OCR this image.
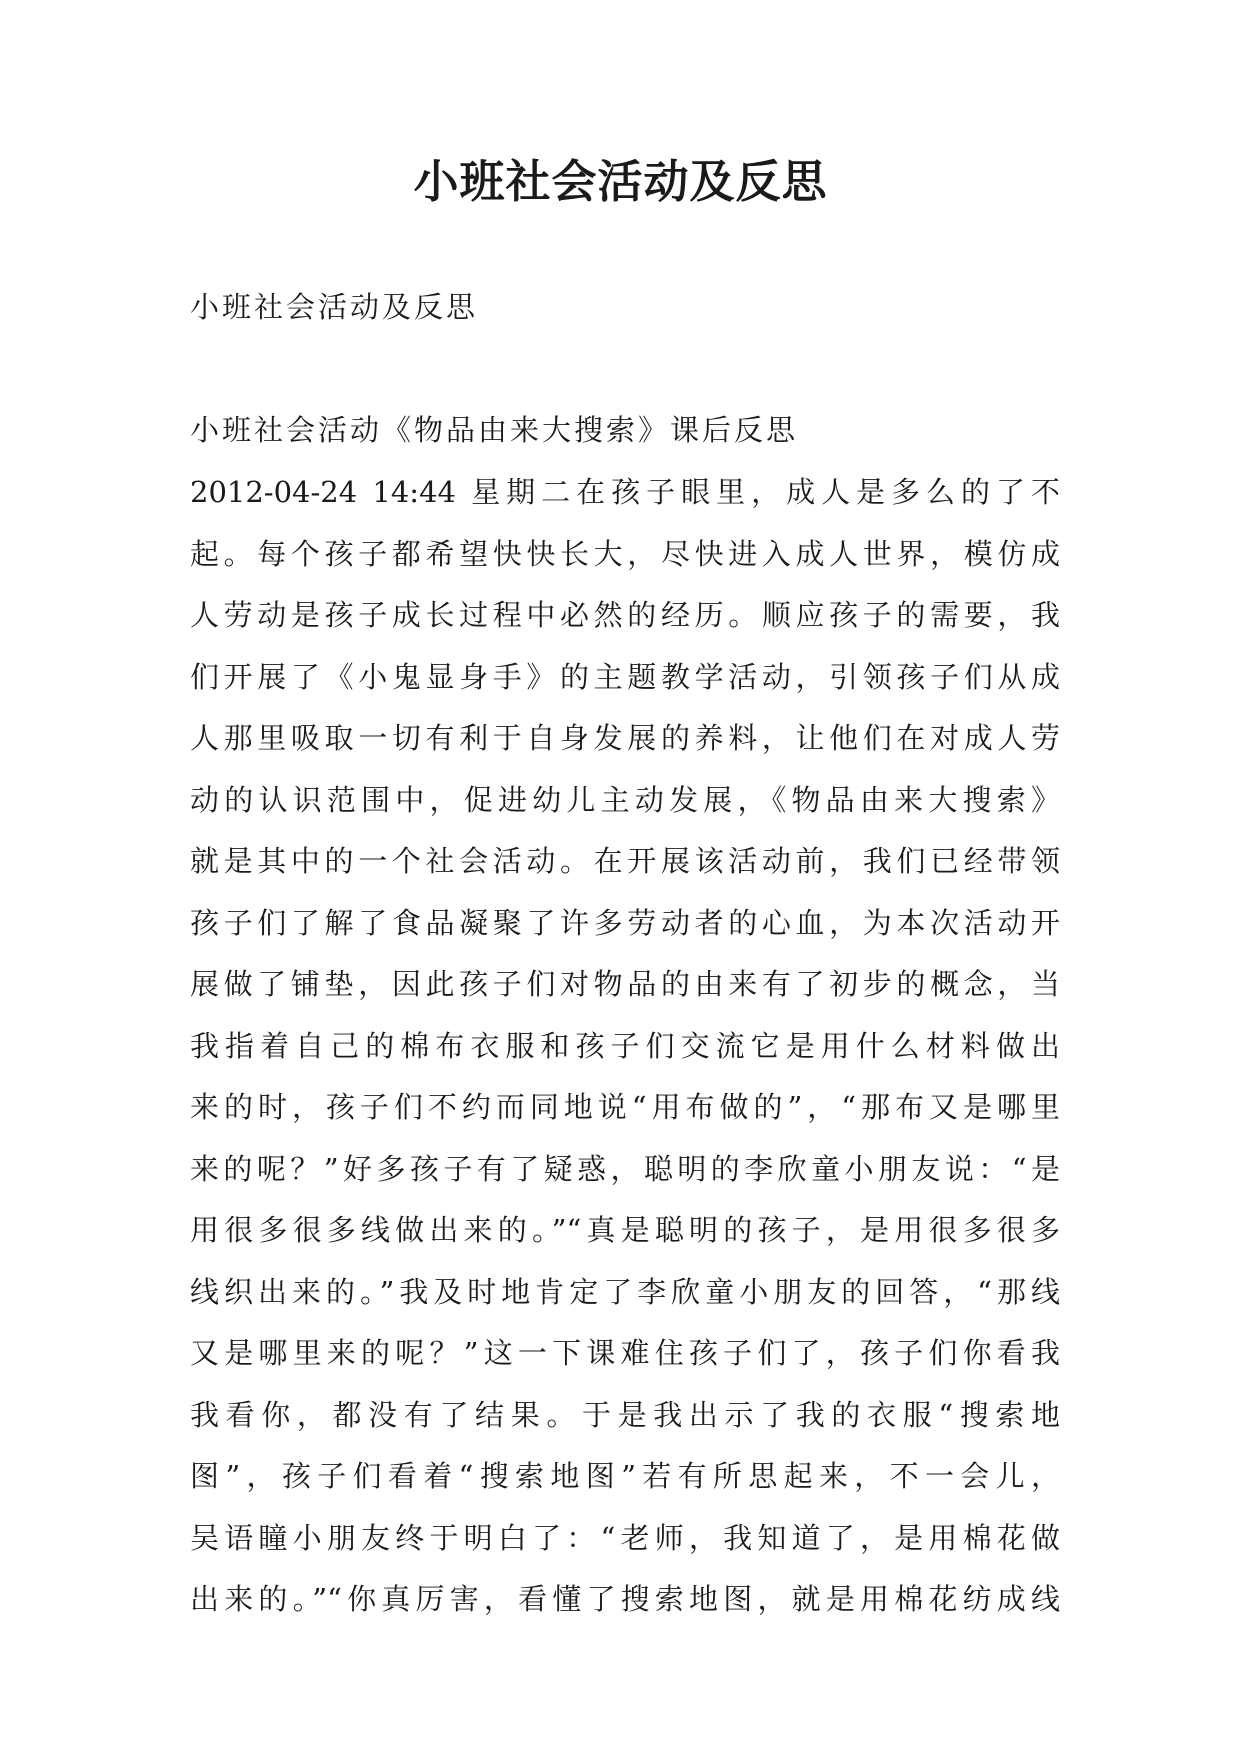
小班社会活动及反思

小班社会活动及反思

小班社会活动《物品由来大搜索》课后反思

2012-04-24 14:44 星期二在孩子眼里，成人是多么的了不
起。每个孩子都希望快快长大，尽快进入成人世界，模仿成
人劳动是孩子成长过程中必然的经历。顺应孩子的需要，我
们开展了《小鬼显身手》的主题教学活动，引领孩子们从成
人那里吸取一切有利于自身发展的养料，让他们在对成人劳
动的认识范围中，促进幼儿主动发展，《物品由来大搜索》
就是其中的一个社会活动。在开展该活动前，我们已经带领
孩子们了解了食品凝聚了许多劳动者的心血，为本次活动开
展做了铺垫，因此孩子们对物品的由来有了初步的概念，当
我指着自己的棉布衣服和孩子们交流它是用什么材料做出
来的时，孩子们不约而同地说“用布做的”，“那布又是哪里
来的呢？”好多孩子有了疑惑，聪明的李欣童小朋友说：“是
用很多很多线做出来的。”“真是聪明的孩子，是用很多很多
线织出来的。”我及时地肯定了李欣童小朋友的回答，“那线
又是哪里来的呢？”这一下课难住孩子们了，孩子们你看我
我看你，都没有了结果。于是我出示了我的衣服“搜索地
图”，孩子们看着“搜索地图”若有所思起来，不一会儿，
吴语瞳小朋友终于明白了：“老师，我知道了，是用棉花做
出来的。”“你真厉害，看懂了搜索地图，就是用棉花纺成线
